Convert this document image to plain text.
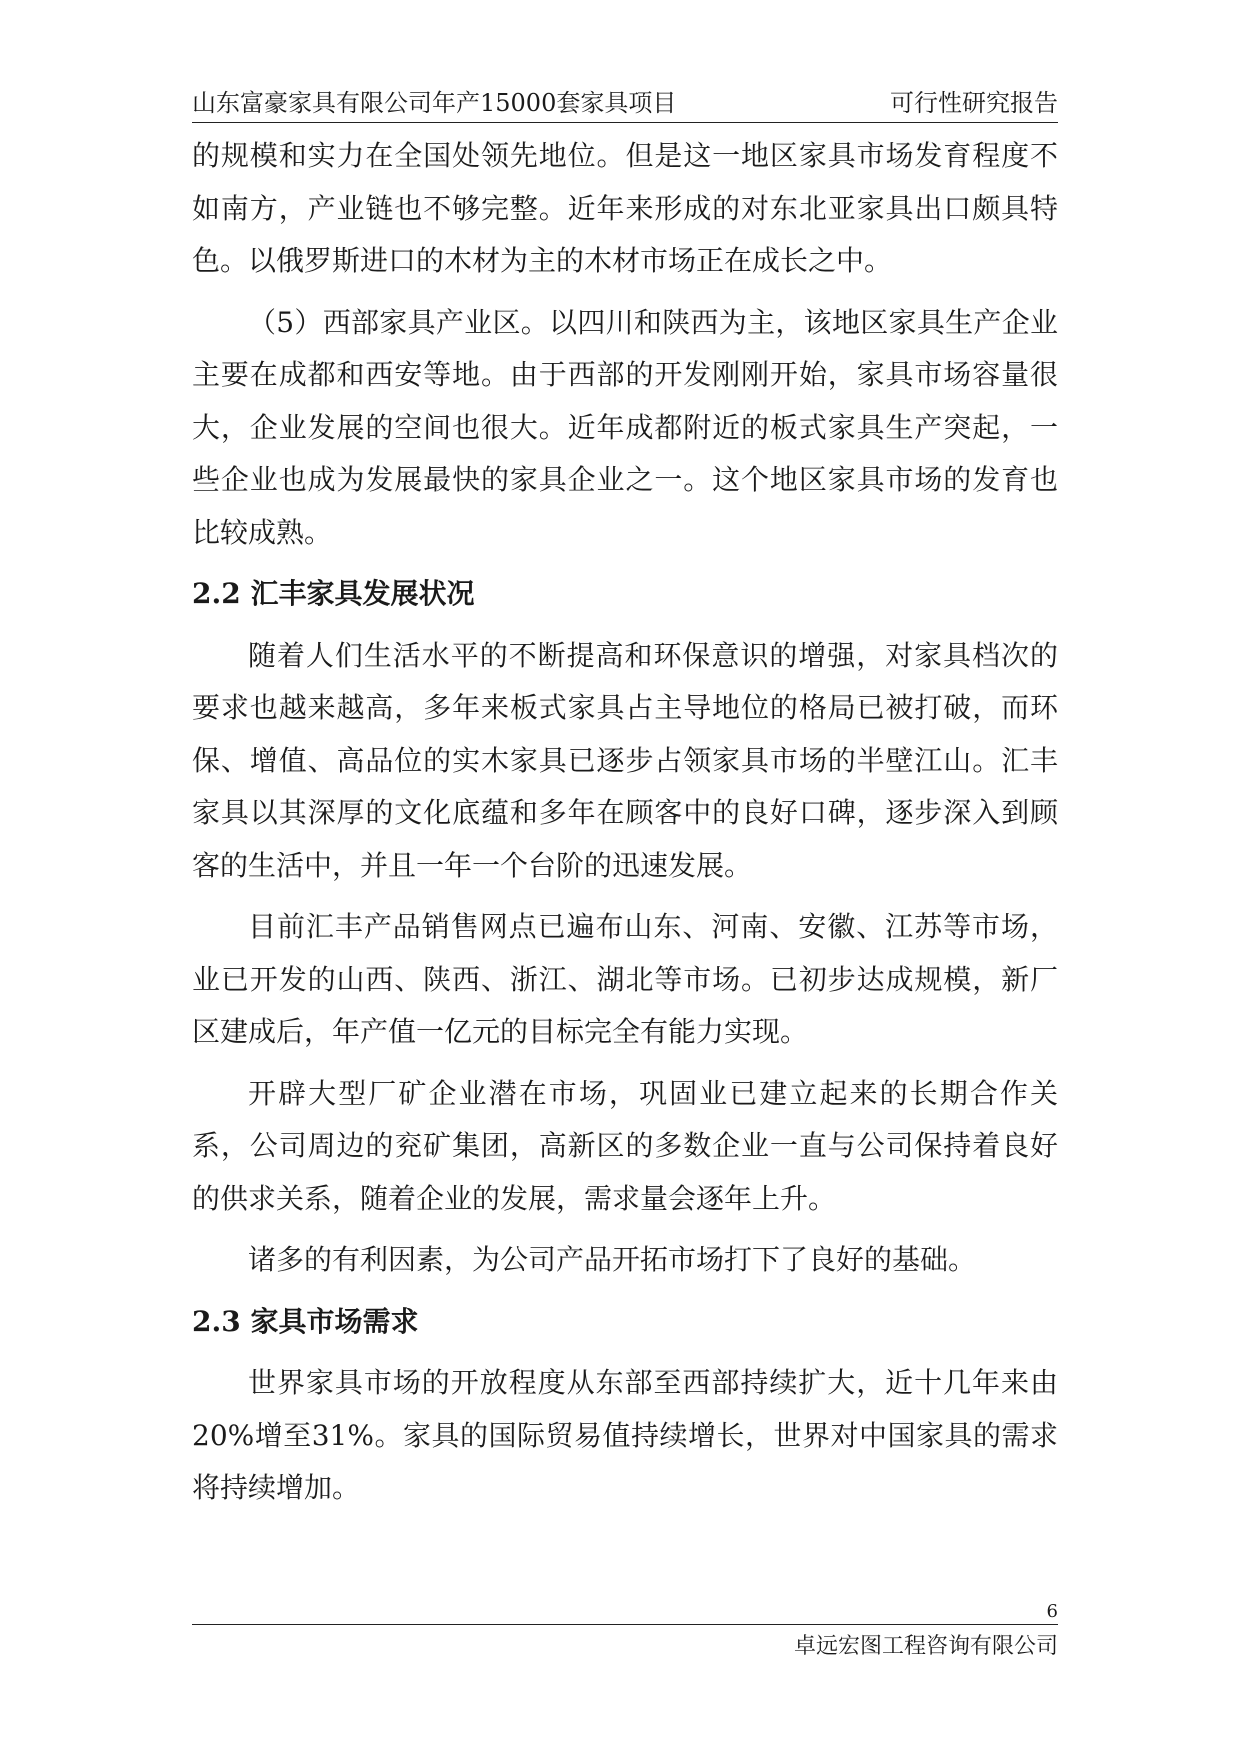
山东富豪家具有限公司年产15000套家具项目	可行性研究报告

的规模和实力在全国处领先地位。但是这一地区家具市场发育程度不如南方，产业链也不够完整。近年来形成的对东北亚家具出口颇具特色。以俄罗斯进口的木材为主的木材市场正在成长之中。

（5）西部家具产业区。以四川和陕西为主，该地区家具生产企业主要在成都和西安等地。由于西部的开发刚刚开始，家具市场容量很大，企业发展的空间也很大。近年成都附近的板式家具生产突起，一些企业也成为发展最快的家具企业之一。这个地区家具市场的发育也比较成熟。

2.2 汇丰家具发展状况

随着人们生活水平的不断提高和环保意识的增强，对家具档次的要求也越来越高，多年来板式家具占主导地位的格局已被打破，而环保、增值、高品位的实木家具已逐步占领家具市场的半壁江山。汇丰家具以其深厚的文化底蕴和多年在顾客中的良好口碑，逐步深入到顾客的生活中，并且一年一个台阶的迅速发展。

目前汇丰产品销售网点已遍布山东、河南、安徽、江苏等市场，业已开发的山西、陕西、浙江、湖北等市场。已初步达成规模，新厂区建成后，年产值一亿元的目标完全有能力实现。

开辟大型厂矿企业潜在市场，巩固业已建立起来的长期合作关系，公司周边的兖矿集团，高新区的多数企业一直与公司保持着良好的供求关系，随着企业的发展，需求量会逐年上升。

诸多的有利因素，为公司产品开拓市场打下了良好的基础。

2.3 家具市场需求

世界家具市场的开放程度从东部至西部持续扩大，近十几年来由20%增至31%。家具的国际贸易值持续增长，世界对中国家具的需求将持续增加。

6
卓远宏图工程咨询有限公司
